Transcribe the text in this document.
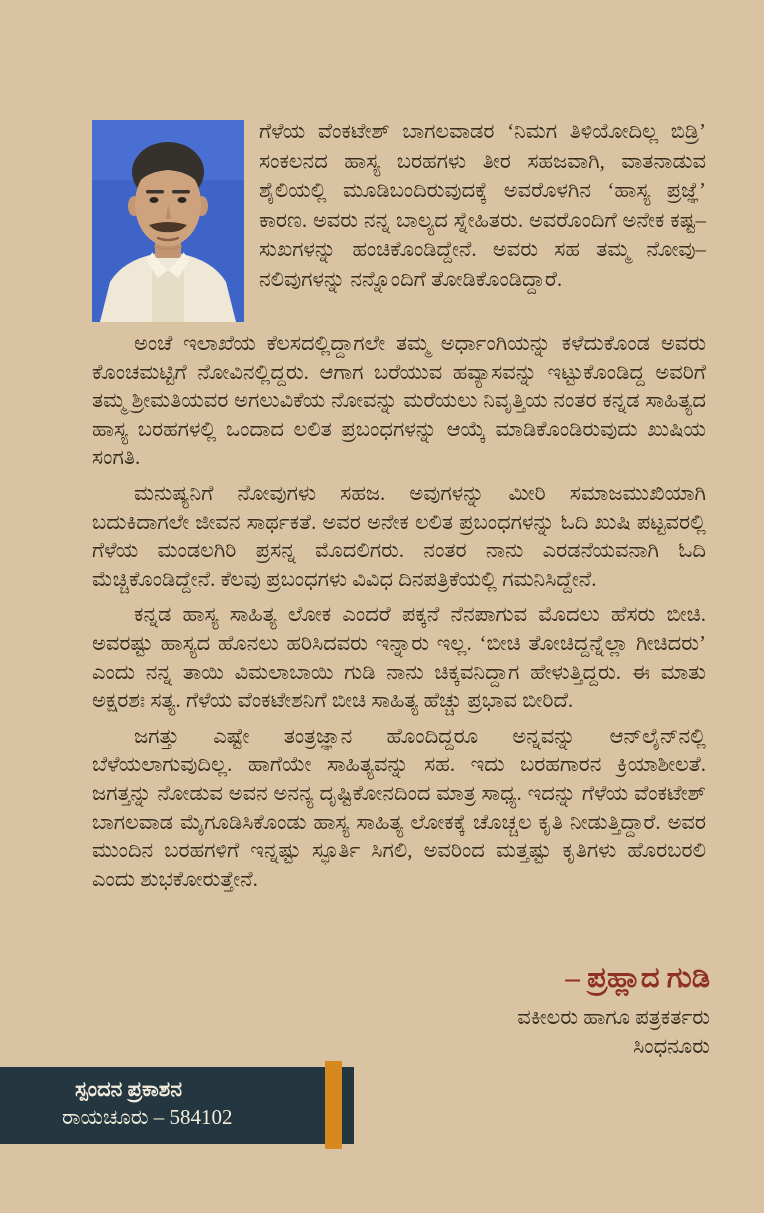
ಗೆಳೆಯ ವೆಂಕಟೇಶ್ ಬಾಗಲವಾಡರ ‘ನಿಮಗ ತಿಳಿಯೋದಿಲ್ಲ ಬಿಡ್ರಿ’ ಸಂಕಲನದ ಹಾಸ್ಯ ಬರಹಗಳು ತೀರ ಸಹಜವಾಗಿ, ವಾತನಾಡುವ ಶೈಲಿಯಲ್ಲಿ ಮೂಡಿಬಂದಿರುವುದಕ್ಕೆ ಅವರೊಳಗಿನ ‘ಹಾಸ್ಯ ಪ್ರಜ್ಞೆ’ ಕಾರಣ. ಅವರು ನನ್ನ ಬಾಲ್ಯದ ಸ್ನೇಹಿತರು. ಅವರೊಂದಿಗೆ ಅನೇಕ ಕಷ್ಟ–ಸುಖಗಳನ್ನು ಹಂಚಿಕೊಂಡಿದ್ದೇನೆ. ಅವರು ಸಹ ತಮ್ಮ ನೋವು–ನಲಿವುಗಳನ್ನು ನನ್ನೊಂದಿಗೆ ತೋಡಿಕೊಂಡಿದ್ದಾರೆ.

ಅಂಚೆ ಇಲಾಖೆಯ ಕೆಲಸದಲ್ಲಿದ್ದಾಗಲೇ ತಮ್ಮ ಅರ್ಧಾಂಗಿಯನ್ನು ಕಳೆದುಕೊಂಡ ಅವರು ಕೊಂಚಮಟ್ಟಿಗೆ ನೋವಿನಲ್ಲಿದ್ದರು. ಆಗಾಗ ಬರೆಯುವ ಹವ್ಯಾಸವನ್ನು ಇಟ್ಟುಕೊಂಡಿದ್ದ ಅವರಿಗೆ ತಮ್ಮ ಶ್ರೀಮತಿಯವರ ಅಗಲುವಿಕೆಯ ನೋವನ್ನು ಮರೆಯಲು ನಿವೃತ್ತಿಯ ನಂತರ ಕನ್ನಡ ಸಾಹಿತ್ಯದ ಹಾಸ್ಯ ಬರಹಗಳಲ್ಲಿ ಒಂದಾದ ಲಲಿತ ಪ್ರಬಂಧಗಳನ್ನು ಆಯ್ಕೆ ಮಾಡಿಕೊಂಡಿರುವುದು ಖುಷಿಯ ಸಂಗತಿ.

ಮನುಷ್ಯನಿಗೆ ನೋವುಗಳು ಸಹಜ. ಅವುಗಳನ್ನು ಮೀರಿ ಸಮಾಜಮುಖಿಯಾಗಿ ಬದುಕಿದಾಗಲೇ ಜೀವನ ಸಾರ್ಥಕತೆ. ಅವರ ಅನೇಕ ಲಲಿತ ಪ್ರಬಂಧಗಳನ್ನು ಓದಿ ಖುಷಿ ಪಟ್ಟವರಲ್ಲಿ ಗೆಳೆಯ ಮಂಡಲಗಿರಿ ಪ್ರಸನ್ನ ಮೊದಲಿಗರು. ನಂತರ ನಾನು ಎರಡನೆಯವನಾಗಿ ಓದಿ ಮೆಚ್ಚಿಕೊಂಡಿದ್ದೇನೆ. ಕೆಲವು ಪ್ರಬಂಧಗಳು ವಿವಿಧ ದಿನಪತ್ರಿಕೆಯಲ್ಲಿ ಗಮನಿಸಿದ್ದೇನೆ.

ಕನ್ನಡ ಹಾಸ್ಯ ಸಾಹಿತ್ಯ ಲೋಕ ಎಂದರೆ ಪಕ್ಕನೆ ನೆನಪಾಗುವ ಮೊದಲು ಹೆಸರು ಬೀಚಿ. ಅವರಷ್ಟು ಹಾಸ್ಯದ ಹೊನಲು ಹರಿಸಿದವರು ಇನ್ನಾರು ಇಲ್ಲ. ‘ಬೀಚಿ ತೋಚಿದ್ದನ್ನೆಲ್ಲಾ ಗೀಚಿದರು’ ಎಂದು ನನ್ನ ತಾಯಿ ವಿಮಲಾಬಾಯಿ ಗುಡಿ ನಾನು ಚಿಕ್ಕವನಿದ್ದಾಗ ಹೇಳುತ್ತಿದ್ದರು. ಈ ಮಾತು ಅಕ್ಷರಶಃ ಸತ್ಯ. ಗೆಳೆಯ ವೆಂಕಟೇಶನಿಗೆ ಬೀಚಿ ಸಾಹಿತ್ಯ ಹೆಚ್ಚು ಪ್ರಭಾವ ಬೀರಿದೆ.

ಜಗತ್ತು ಎಷ್ಟೇ ತಂತ್ರಜ್ಞಾನ ಹೊಂದಿದ್ದರೂ ಅನ್ನವನ್ನು ಆನ್‌ಲೈನ್‌ನಲ್ಲಿ ಬೆಳೆಯಲಾಗುವುದಿಲ್ಲ. ಹಾಗೆಯೇ ಸಾಹಿತ್ಯವನ್ನು ಸಹ. ಇದು ಬರಹಗಾರನ ಕ್ರಿಯಾಶೀಲತೆ. ಜಗತ್ತನ್ನು ನೋಡುವ ಅವನ ಅನನ್ಯ ದೃಷ್ಟಿಕೋನದಿಂದ ಮಾತ್ರ ಸಾಧ್ಯ. ಇದನ್ನು ಗೆಳೆಯ ವೆಂಕಟೇಶ್ ಬಾಗಲವಾಡ ಮೈಗೂಡಿಸಿಕೊಂಡು ಹಾಸ್ಯ ಸಾಹಿತ್ಯ ಲೋಕಕ್ಕೆ ಚೊಚ್ಚಲ ಕೃತಿ ನೀಡುತ್ತಿದ್ದಾರೆ. ಅವರ ಮುಂದಿನ ಬರಹಗಳಿಗೆ ಇನ್ನಷ್ಟು ಸ್ಫೂರ್ತಿ ಸಿಗಲಿ, ಅವರಿಂದ ಮತ್ತಷ್ಟು ಕೃತಿಗಳು ಹೊರಬರಲಿ ಎಂದು ಶುಭಕೋರುತ್ತೇನೆ.

– ಪ್ರಹ್ಲಾದ ಗುಡಿ
ವಕೀಲರು ಹಾಗೂ ಪತ್ರಕರ್ತರು
ಸಿಂಧನೂರು
ಸ್ಪಂದನ ಪ್ರಕಾಶನ
ರಾಯಚೂರು – 584102
